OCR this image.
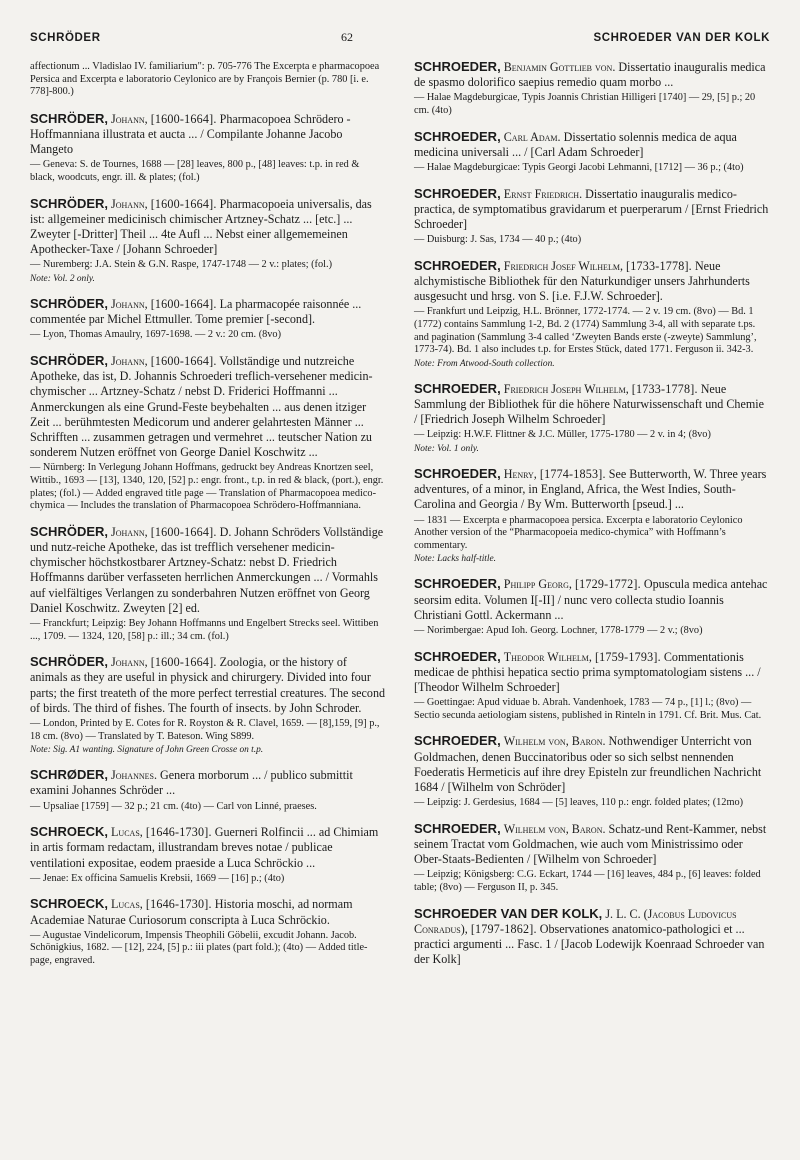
SCHRÖDER	62	SCHROEDER VAN DER KOLK

affectionum ... Vladislao IV. familiarium": p. 705-776 The Excerpta e pharmacopoea Persica and Excerpta e laboratorio Ceylonico are by François Bernier (p. 780 [i. e. 778]-800.)

SCHRÖDER, Johann, [1600-1664]. Pharmacopoea Schrödero - Hoffmanniana illustrata et aucta ... / Compilante Johanne Jacobo Mangeto

— Geneva: S. de Tournes, 1688 — [28] leaves, 800 p., [48] leaves: t.p. in red & black, woodcuts, engr. ill. & plates; (fol.)

SCHRÖDER, Johann, [1600-1664]. Pharmacopoeia universalis, das ist: allgemeiner medicinisch chimischer Artzney-Schatz ... [etc.] ... Zweyter [-Dritter] Theil ... 4te Aufl ... Nebst einer allgememeinen Apothecker-Taxe / [Johann Schroeder]

— Nuremberg: J.A. Stein & G.N. Raspe, 1747-1748 — 2 v.: plates; (fol.)

Note: Vol. 2 only.

SCHRÖDER, Johann, [1600-1664]. La pharmacopée raisonnée ... commentée par Michel Ettmuller. Tome premier [-second].

— Lyon, Thomas Amaulry, 1697-1698. — 2 v.: 20 cm. (8vo)

SCHRÖDER, Johann, [1600-1664]. Vollständige und nutzreiche Apotheke, das ist, D. Johannis Schroederi treflich-versehener medicin-chymischer ... Artzney-Schatz / nebst D. Friderici Hoffmanni ... Anmerckungen als eine Grund-Feste beybehalten ... aus denen itziger Zeit ... berühmtesten Medicorum und anderer gelahrtesten Männer ... Schrifften ... zusammen getragen und vermehret ... teutscher Nation zu sonderem Nutzen eröffnet von George Daniel Koschwitz ...

— Nürnberg: In Verlegung Johann Hoffmans, gedruckt bey Andreas Knortzen seel, Wittib., 1693 — [13], 1340, 120, [52] p.: engr. front., t.p. in red & black, (port.), engr. plates; (fol.) — Added engraved title page — Translation of Pharmacopoea medico-chymica — Includes the translation of Pharmacopoea Schrödero-Hoffmanniana.

SCHRÖDER, Johann, [1600-1664]. D. Johann Schröders Vollständige und nutz-reiche Apotheke, das ist trefflich versehener medicin-chymischer höchstkostbarer Artzney-Schatz: nebst D. Friedrich Hoffmanns darüber verfasseten herrlichen Anmerckungen ... / Vormahls auf vielfältiges Verlangen zu sonderbahren Nutzen eröffnet von Georg Daniel Koschwitz. Zweyten [2] ed.

— Franckfurt; Leipzig: Bey Johann Hoffmanns und Engelbert Strecks seel. Wittiben ..., 1709. — 1324, 120, [58] p.: ill.; 34 cm. (fol.)

SCHRÖDER, Johann, [1600-1664]. Zoologia, or the history of animals as they are useful in physick and chirurgery. Divided into four parts; the first treateth of the more perfect terrestial creatures. The second of birds. The third of fishes. The fourth of insects. by John Schroder.

— London, Printed by E. Cotes for R. Royston & R. Clavel, 1659. — [8],159, [9] p., 18 cm. (8vo) — Translated by T. Bateson. Wing S899.

Note: Sig. A1 wanting. Signature of John Green Crosse on t.p.

SCHRØDER, Johannes. Genera morborum ... / publico submittit examini Johannes Schröder ...

— Upsaliae [1759] — 32 p.; 21 cm. (4to) — Carl von Linné, praeses.

SCHROECK, Lucas, [1646-1730]. Guerneri Rolfincii ... ad Chimiam in artis formam redactam, illustrandam breves notae / publicae ventilationi expositae, eodem praeside a Luca Schröckio ...

— Jenae: Ex officina Samuelis Krebsii, 1669 — [16] p.; (4to)

SCHROECK, Lucas, [1646-1730]. Historia moschi, ad normam Academiae Naturae Curiosorum conscripta à Luca Schröckio.

— Augustae Vindelicorum, Impensis Theophili Göbelii, excudit Johann. Jacob. Schönigkius, 1682. — [12], 224, [5] p.: iii plates (part fold.); (4to) — Added title-page, engraved.

SCHROEDER, Benjamin Gottlieb von. Dissertatio inauguralis medica de spasmo dolorifico saepius remedio quam morbo ...

— Halae Magdeburgicae, Typis Joannis Christian Hilligeri [1740] — 29, [5] p.; 20 cm. (4to)

SCHROEDER, Carl Adam. Dissertatio solennis medica de aqua medicina universali ... / [Carl Adam Schroeder]

— Halae Magdeburgicae: Typis Georgi Jacobi Lehmanni, [1712] — 36 p.; (4to)

SCHROEDER, Ernst Friedrich. Dissertatio inauguralis medico-practica, de symptomatibus gravidarum et puerperarum / [Ernst Friedrich Schroeder]

— Duisburg: J. Sas, 1734 — 40 p.; (4to)

SCHROEDER, Friedrich Josef Wilhelm, [1733-1778]. Neue alchymistische Bibliothek für den Naturkundiger unsers Jahrhunderts ausgesucht und hrsg. von S. [i.e. F.J.W. Schroeder].

— Frankfurt und Leipzig, H.L. Brönner, 1772-1774. — 2 v. 19 cm. (8vo) — Bd. 1 (1772) contains Sammlung 1-2, Bd. 2 (1774) Sammlung 3-4, all with separate t.ps. and pagination (Sammlung 3-4 called ‘Zweyten Bands erste (-zweyte) Sammlung’, 1773-74). Bd. 1 also includes t.p. for Erstes Stück, dated 1771. Ferguson ii. 342-3.

Note: From Atwood-South collection.

SCHROEDER, Friedrich Joseph Wilhelm, [1733-1778]. Neue Sammlung der Bibliothek für die höhere Naturwissenschaft und Chemie / [Friedrich Joseph Wilhelm Schroeder]

— Leipzig: H.W.F. Flittner & J.C. Müller, 1775-1780 — 2 v. in 4; (8vo)

Note: Vol. 1 only.

SCHROEDER, Henry, [1774-1853]. See Butterworth, W. Three years adventures, of a minor, in England, Africa, the West Indies, South-Carolina and Georgia / By Wm. Butterworth [pseud.] ...

— 1831 — Excerpta e pharmacopoea persica. Excerpta e laboratorio Ceylonico Another version of the “Pharmacopoeia medico-chymica” with Hoffmann’s commentary.

Note: Lacks half-title.

SCHROEDER, Philipp Georg, [1729-1772]. Opuscula medica antehac seorsim edita. Volumen I[-II] / nunc vero collecta studio Ioannis Christiani Gottl. Ackermann ...

— Norimbergae: Apud Ioh. Georg. Lochner, 1778-1779 — 2 v.; (8vo)

SCHROEDER, Theodor Wilhelm, [1759-1793]. Commentationis medicae de phthisi hepatica sectio prima symptomatologiam sistens ... / [Theodor Wilhelm Schroeder]

— Goettingae: Apud viduae b. Abrah. Vandenhoek, 1783 — 74 p., [1] l.; (8vo) — Sectio secunda aetiologiam sistens, published in Rinteln in 1791. Cf. Brit. Mus. Cat.

SCHROEDER, Wilhelm von, Baron. Nothwendiger Unterricht von Goldmachen, denen Buccinatoribus oder so sich selbst nennenden Foederatis Hermeticis auf ihre drey Episteln zur freundlichen Nachricht 1684 / [Wilhelm von Schröder]

— Leipzig: J. Gerdesius, 1684 — [5] leaves, 110 p.: engr. folded plates; (12mo)

SCHROEDER, Wilhelm von, Baron. Schatz-und Rent-Kammer, nebst seinem Tractat vom Goldmachen, wie auch vom Ministrissimo oder Ober-Staats-Bedienten / [Wilhelm von Schroeder]

— Leipzig; Königsberg: C.G. Eckart, 1744 — [16] leaves, 484 p., [6] leaves: folded table; (8vo) — Ferguson II, p. 345.

SCHROEDER VAN DER KOLK, J. L. C. (Jacobus Ludovicus Conradus), [1797-1862]. Observationes anatomico-pathologici et ... practici argumenti ... Fasc. 1 / [Jacob Lodewijk Koenraad Schroeder van der Kolk]
